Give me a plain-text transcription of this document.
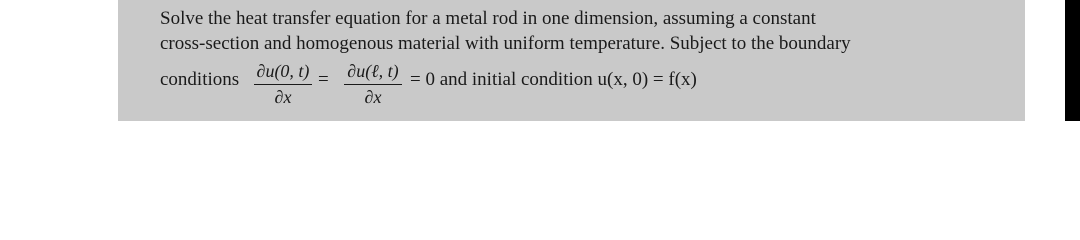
Solve the heat transfer equation for a metal rod in one dimension, assuming a constant
cross-section and homogenous material with uniform temperature. Subject to the boundary
conditions ∂u(0, t)
∂x
= ∂u(ℓ, t)
∂x
= 0 and initial condition u(x, 0) = f(x)
